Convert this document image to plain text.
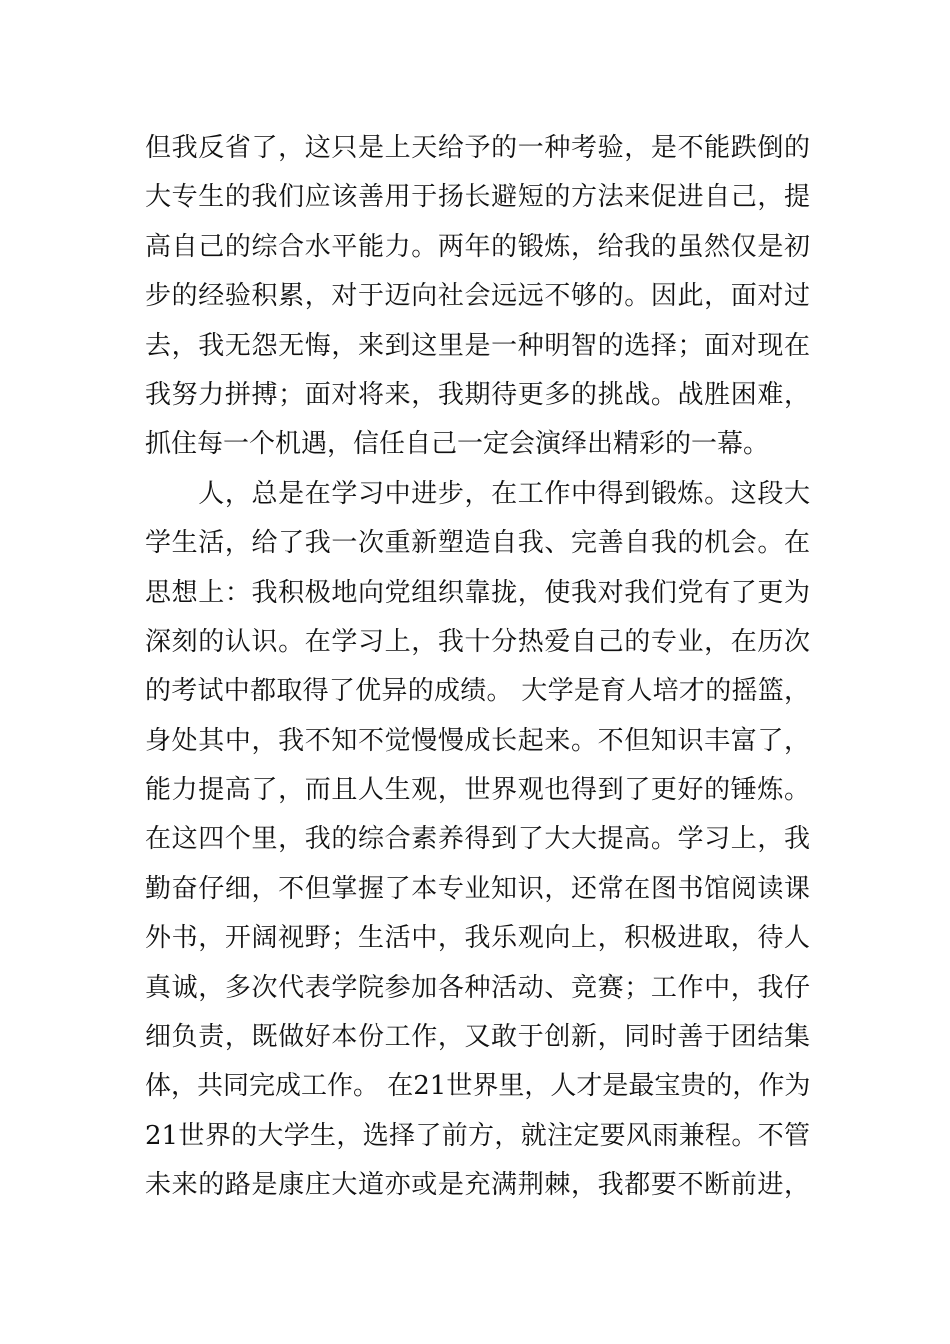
但我反省了，这只是上天给予的一种考验，是不能跌倒的
大专生的我们应该善用于扬长避短的方法来促进自己，提
高自己的综合水平能力。两年的锻炼，给我的虽然仅是初
步的经验积累，对于迈向社会远远不够的。因此，面对过
去，我无怨无悔，来到这里是一种明智的选择；面对现在
我努力拼搏；面对将来，我期待更多的挑战。战胜困难，
抓住每一个机遇，信任自己一定会演绎出精彩的一幕。
　　人，总是在学习中进步，在工作中得到锻炼。这段大
学生活，给了我一次重新塑造自我、完善自我的机会。在
思想上：我积极地向党组织靠拢，使我对我们党有了更为
深刻的认识。在学习上，我十分热爱自己的专业，在历次
的考试中都取得了优异的成绩。 大学是育人培才的摇篮，
身处其中，我不知不觉慢慢成长起来。不但知识丰富了，
能力提高了，而且人生观，世界观也得到了更好的锤炼。
在这四个里，我的综合素养得到了大大提高。学习上，我
勤奋仔细，不但掌握了本专业知识，还常在图书馆阅读课
外书，开阔视野；生活中，我乐观向上，积极进取，待人
真诚，多次代表学院参加各种活动、竞赛；工作中，我仔
细负责，既做好本份工作，又敢于创新，同时善于团结集
体，共同完成工作。 在21世界里，人才是最宝贵的，作为
21世界的大学生，选择了前方，就注定要风雨兼程。不管
未来的路是康庄大道亦或是充满荆棘，我都要不断前进，
